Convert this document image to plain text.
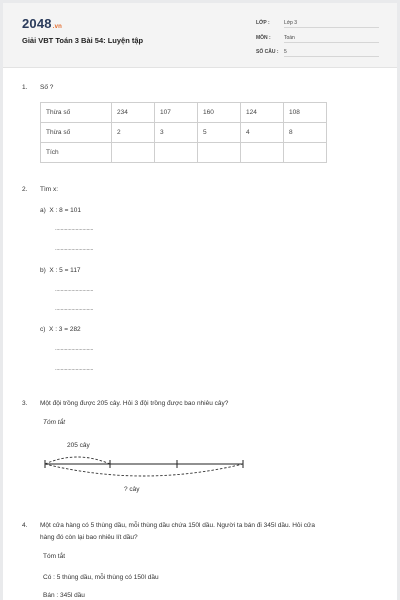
2048.vn
Giải VBT Toán 3 Bài 54: Luyện tập
LỚP :	Lớp 3
MÔN :	Toán
SỐ CÂU :	5
1. Số ?
Thừa số	234	107	160	124	108
Thừa số	2	3	5	4	8
Tích					
2. Tìm x:
a) X : 8 = 101
............................
............................
b) X : 5 = 117
............................
............................
c) X : 3 = 282
............................
............................
3. Một đội trồng được 205 cây. Hỏi 3 đội trồng được bao nhiêu cây?
Tóm tắt
205 cây
? cây
4. Một cửa hàng có 5 thùng dầu, mỗi thùng dầu chứa 150l dầu. Người ta bán đi 345l dầu. Hỏi cửa
hàng đó còn lại bao nhiêu lít dầu?
Tóm tắt
Có : 5 thùng dầu, mỗi thùng có 150l dầu
Bán : 345l dầu
